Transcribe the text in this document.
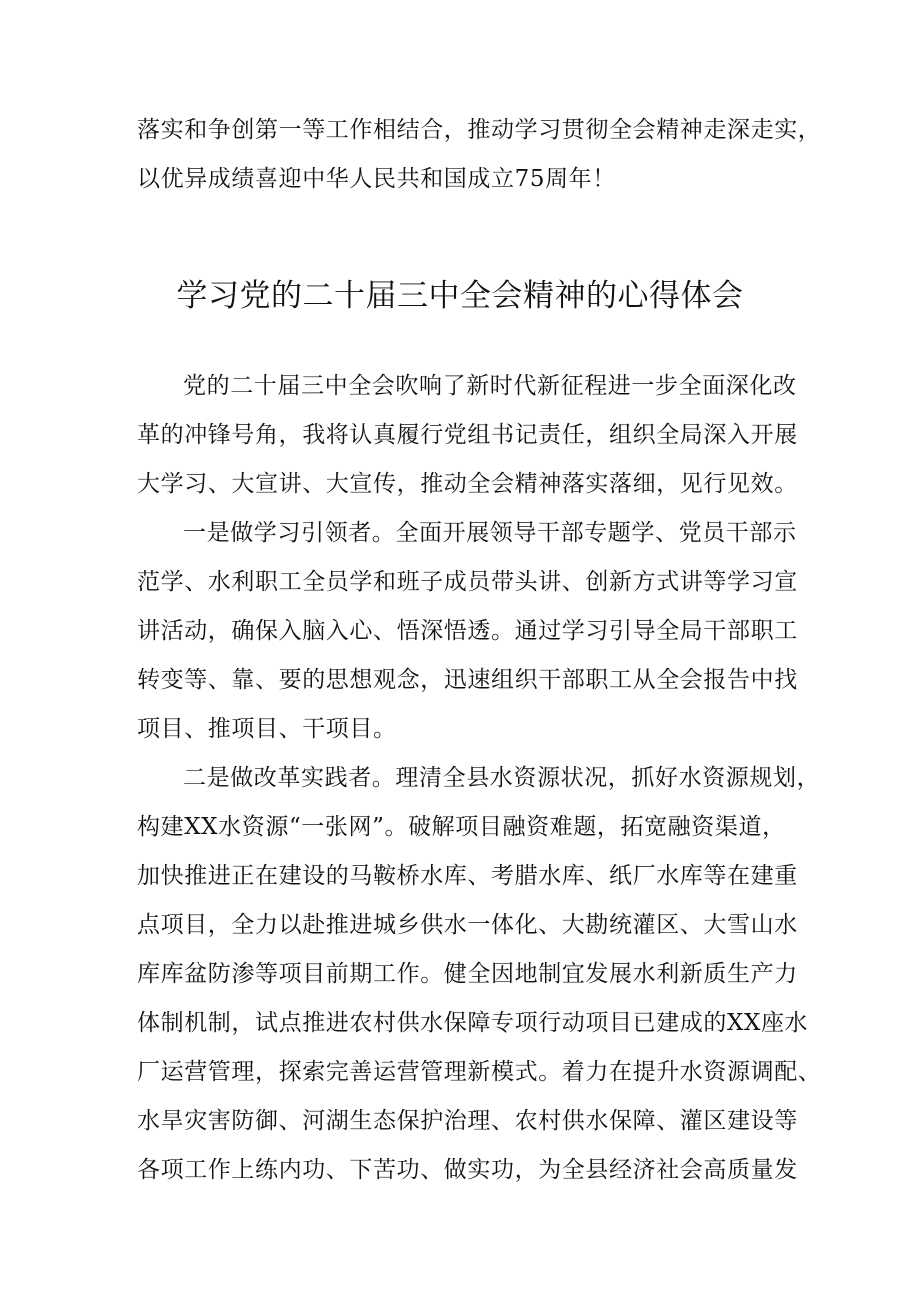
落实和争创第一等工作相结合，推动学习贯彻全会精神走深走实，
以优异成绩喜迎中华人民共和国成立75周年！
学习党的二十届三中全会精神的心得体会
党的二十届三中全会吹响了新时代新征程进一步全面深化改
革的冲锋号角，我将认真履行党组书记责任，组织全局深入开展
大学习、大宣讲、大宣传，推动全会精神落实落细，见行见效。
一是做学习引领者。全面开展领导干部专题学、党员干部示
范学、水利职工全员学和班子成员带头讲、创新方式讲等学习宣
讲活动，确保入脑入心、悟深悟透。通过学习引导全局干部职工
转变等、靠、要的思想观念，迅速组织干部职工从全会报告中找
项目、推项目、干项目。
二是做改革实践者。理清全县水资源状况，抓好水资源规划，
构建XX水资源“一张网”。破解项目融资难题，拓宽融资渠道，
加快推进正在建设的马鞍桥水库、考腊水库、纸厂水库等在建重
点项目，全力以赴推进城乡供水一体化、大勘统灌区、大雪山水
库库盆防渗等项目前期工作。健全因地制宜发展水利新质生产力
体制机制，试点推进农村供水保障专项行动项目已建成的XX座水
厂运营管理，探索完善运营管理新模式。着力在提升水资源调配、
水旱灾害防御、河湖生态保护治理、农村供水保障、灌区建设等
各项工作上练内功、下苦功、做实功，为全县经济社会高质量发
